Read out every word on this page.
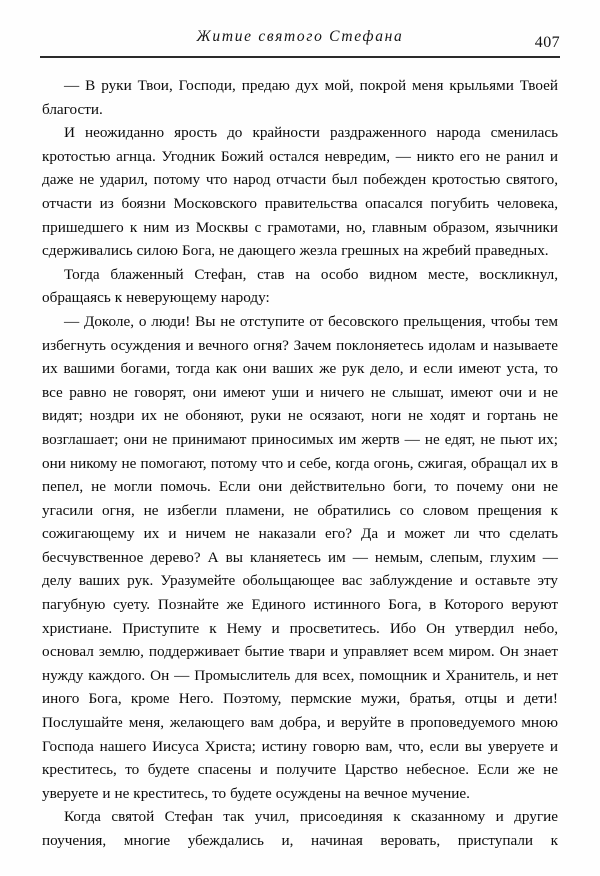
Житие святого Стефана	407

— В руки Твои, Господи, предаю дух мой, покрой меня крыльями Твоей благости.

И неожиданно ярость до крайности раздраженного народа сменилась кротостью агнца. Угодник Божий остался невредим, — никто его не ранил и даже не ударил, потому что народ отчасти был побежден кротостью святого, отчасти из боязни Московского правительства опасался погубить человека, пришедшего к ним из Москвы с грамотами, но, главным образом, язычники сдерживались силою Бога, не дающего жезла грешных на жребий праведных.

Тогда блаженный Стефан, став на особо видном месте, воскликнул, обращаясь к неверующему народу:

— Доколе, о люди! Вы не отступите от бесовского прельщения, чтобы тем избегнуть осуждения и вечного огня? Зачем поклоняетесь идолам и называете их вашими богами, тогда как они ваших же рук дело, и если имеют уста, то все равно не говорят, они имеют уши и ничего не слышат, имеют очи и не видят; ноздри их не обоняют, руки не осязают, ноги не ходят и гортань не возглашает; они не принимают приносимых им жертв — не едят, не пьют их; они никому не помогают, потому что и себе, когда огонь, сжигая, обращал их в пепел, не могли помочь. Если они действительно боги, то почему они не угасили огня, не избегли пламени, не обратились со словом прещения к сожигающему их и ничем не наказали его? Да и может ли что сделать бесчувственное дерево? А вы кланяетесь им — немым, слепым, глухим — делу ваших рук. Уразумейте обольщающее вас заблуждение и оставьте эту пагубную суету. Познайте же Единого истинного Бога, в Которого веруют христиане. Приступите к Нему и просветитесь. Ибо Он утвердил небо, основал землю, поддерживает бытие твари и управляет всем миром. Он знает нужду каждого. Он — Промыслитель для всех, помощник и Хранитель, и нет иного Бога, кроме Него. Поэтому, пермские мужи, братья, отцы и дети! Послушайте меня, желающего вам добра, и веруйте в проповедуемого мною Господа нашего Иисуса Христа; истину говорю вам, что, если вы уверуете и креститесь, то будете спасены и получите Царство небесное. Если же не уверуете и не креститесь, то будете осуждены на вечное мучение.

Когда святой Стефан так учил, присоединяя к сказанному и другие поучения, многие убеждались и, начиная веровать, приступали к
